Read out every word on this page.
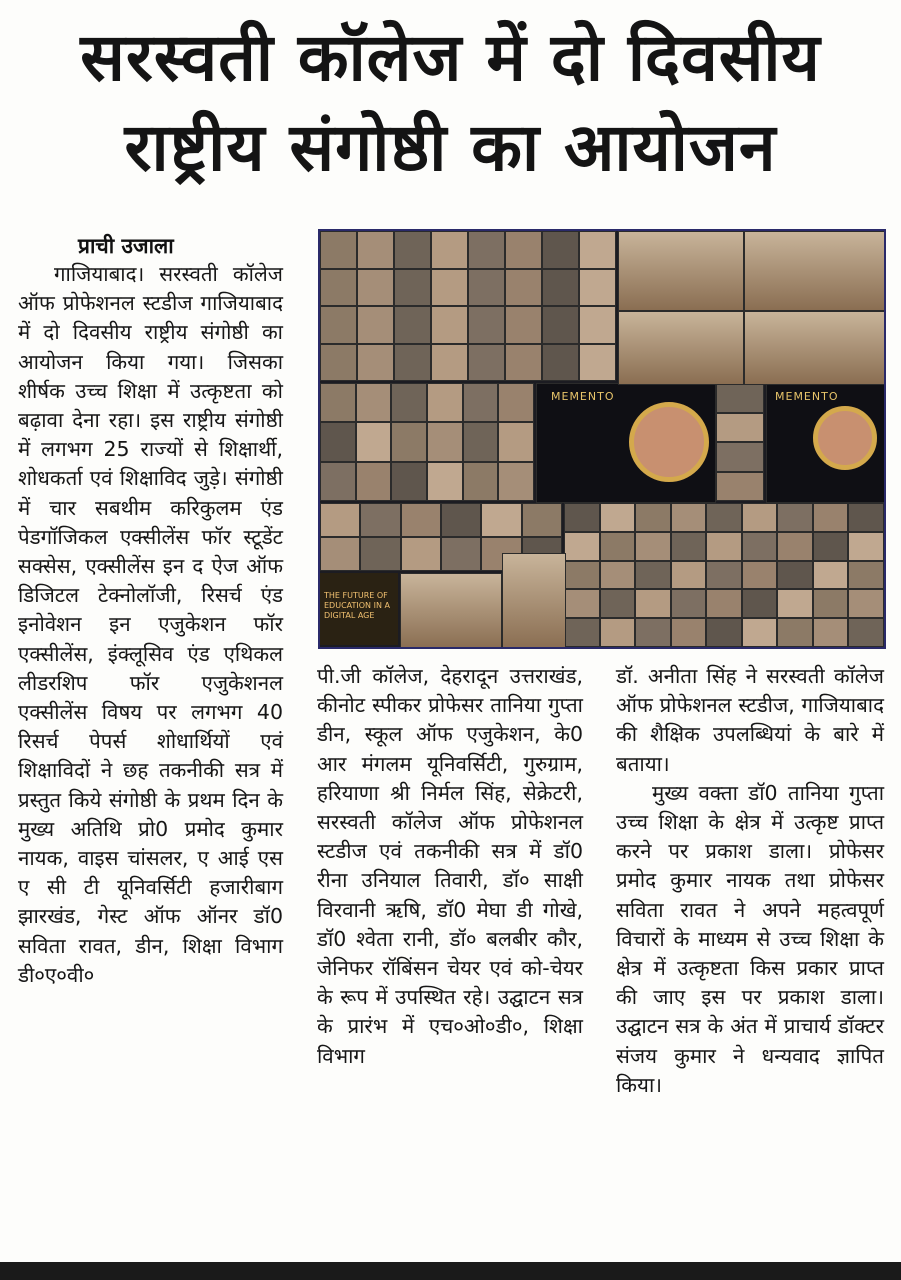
सरस्वती कॉलेज में दो दिवसीय
राष्ट्रीय संगोष्ठी का आयोजन
प्राची उजाला

गाजियाबाद। सरस्वती कॉलेज ऑफ प्रोफेशनल स्टडीज गाजियाबाद में दो दिवसीय राष्ट्रीय संगोष्ठी का आयोजन किया गया। जिसका शीर्षक उच्च शिक्षा में उत्कृष्टता को बढ़ावा देना रहा। इस राष्ट्रीय संगोष्ठी में लगभग 25 राज्यों से शिक्षार्थी, शोधकर्ता एवं शिक्षाविद जुड़े। संगोष्ठी में चार सबथीम करिकुलम एंड पेडगॉजिकल एक्सीलेंस फॉर स्टूडेंट सक्सेस, एक्सीलेंस इन द ऐज ऑफ डिजिटल टेक्नोलॉजी, रिसर्च एंड इनोवेशन इन एजुकेशन फॉर एक्सीलेंस, इंक्लूसिव एंड एथिकल लीडरशिप फॉर एजुकेशनल एक्सीलेंस विषय पर लगभग 40 रिसर्च पेपर्स शोधार्थियों एवं शिक्षाविदों ने छह तकनीकी सत्र में प्रस्तुत किये संगोष्ठी के प्रथम दिन के मुख्य अतिथि प्रो0 प्रमोद कुमार नायक, वाइस चांसलर, ए आई एस ए सी टी यूनिवर्सिटी हजारीबाग झारखंड, गेस्ट ऑफ ऑनर डॉ0 सविता रावत, डीन, शिक्षा विभाग डी०ए०वी०

MEMENTO	MEMENTO
THE FUTURE OF EDUCATION IN A DIGITAL AGE

पी.जी कॉलेज, देहरादून उत्तराखंड, कीनोट स्पीकर प्रोफेसर तानिया गुप्ता डीन, स्कूल ऑफ एजुकेशन, के0 आर मंगलम यूनिवर्सिटी, गुरुग्राम, हरियाणा श्री निर्मल सिंह, सेक्रेटरी, सरस्वती कॉलेज ऑफ प्रोफेशनल स्टडीज एवं तकनीकी सत्र में डॉ0 रीना उनियाल तिवारी, डॉ० साक्षी विरवानी ऋषि, डॉ0 मेघा डी गोखे, डॉ0 श्वेता रानी, डॉ० बलबीर कौर, जेनिफर रॉबिंसन चेयर एवं को-चेयर के रूप में उपस्थित रहे। उद्घाटन सत्र के प्रारंभ में एच०ओ०डी०, शिक्षा विभाग

डॉ. अनीता सिंह ने सरस्वती कॉलेज ऑफ प्रोफेशनल स्टडीज, गाजियाबाद की शैक्षिक उपलब्धियां के बारे में बताया।

मुख्य वक्ता डॉ0 तानिया गुप्ता उच्च शिक्षा के क्षेत्र में उत्कृष्ट प्राप्त करने पर प्रकाश डाला। प्रोफेसर प्रमोद कुमार नायक तथा प्रोफेसर सविता रावत ने अपने महत्वपूर्ण विचारों के माध्यम से उच्च शिक्षा के क्षेत्र में उत्कृष्टता किस प्रकार प्राप्त की जाए इस पर प्रकाश डाला। उद्घाटन सत्र के अंत में प्राचार्य डॉक्टर संजय कुमार ने धन्यवाद ज्ञापित किया।
